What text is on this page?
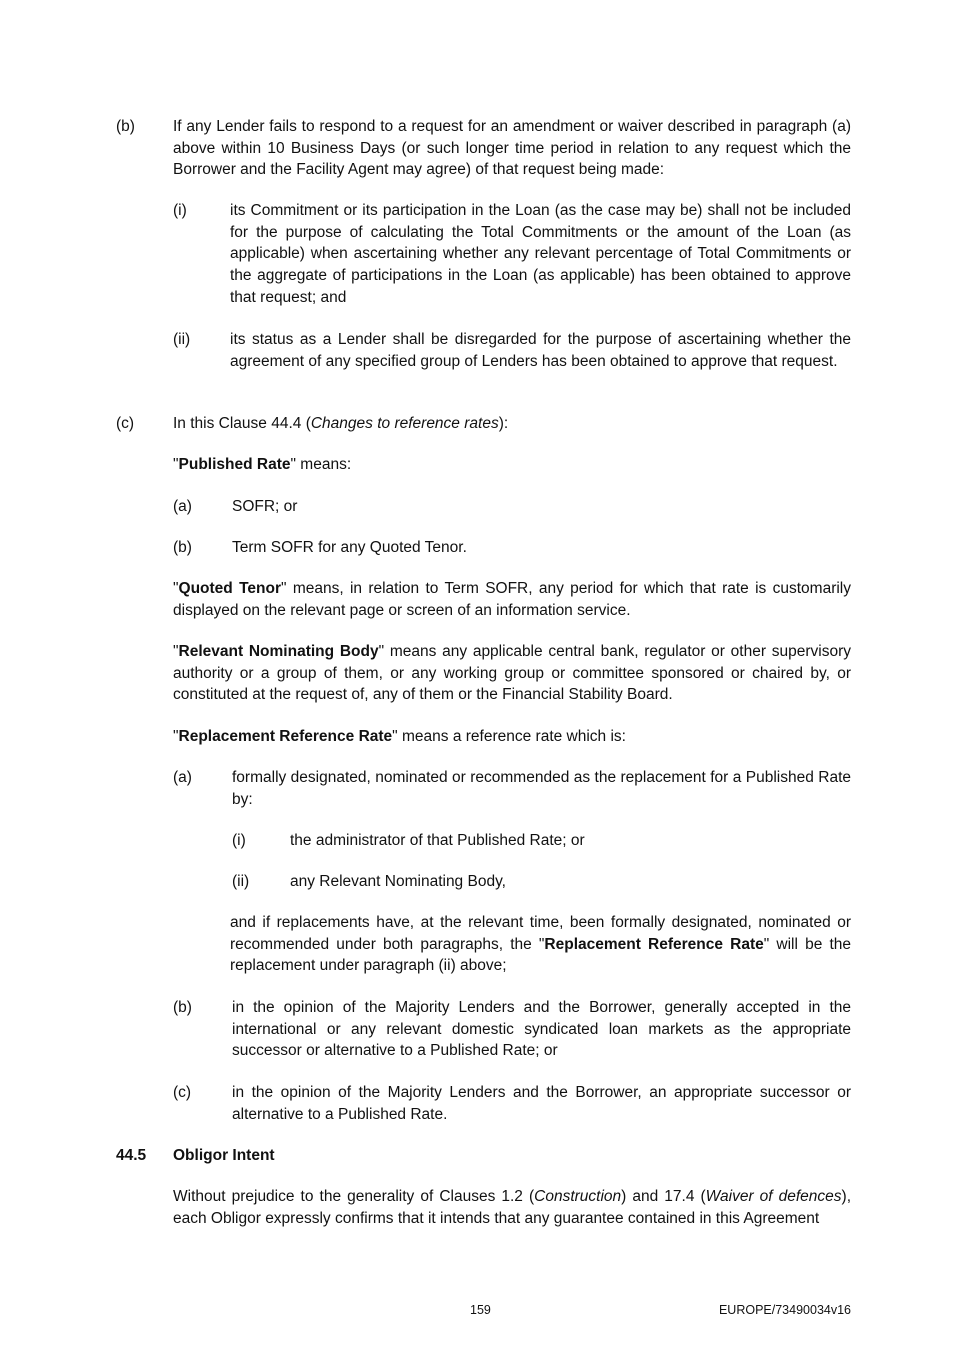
(b) If any Lender fails to respond to a request for an amendment or waiver described in paragraph (a) above within 10 Business Days (or such longer time period in relation to any request which the Borrower and the Facility Agent may agree) of that request being made:
(i)	its Commitment or its participation in the Loan (as the case may be) shall not be included for the purpose of calculating the Total Commitments or the amount of the Loan (as applicable) when ascertaining whether any relevant percentage of Total Commitments or the aggregate of participations in the Loan (as applicable) has been obtained to approve that request; and
(ii)	its status as a Lender shall be disregarded for the purpose of ascertaining whether the agreement of any specified group of Lenders has been obtained to approve that request.
(c)	In this Clause 44.4 (Changes to reference rates):
"Published Rate" means:
(a)	SOFR; or
(b)	Term SOFR for any Quoted Tenor.
"Quoted Tenor" means, in relation to Term SOFR, any period for which that rate is customarily displayed on the relevant page or screen of an information service.
"Relevant Nominating Body" means any applicable central bank, regulator or other supervisory authority or a group of them, or any working group or committee sponsored or chaired by, or constituted at the request of, any of them or the Financial Stability Board.
"Replacement Reference Rate" means a reference rate which is:
(a)	formally designated, nominated or recommended as the replacement for a Published Rate by:
(i)	the administrator of that Published Rate; or
(ii)	any Relevant Nominating Body,
and if replacements have, at the relevant time, been formally designated, nominated or recommended under both paragraphs, the "Replacement Reference Rate" will be the replacement under paragraph (ii) above;
(b)	in the opinion of the Majority Lenders and the Borrower, generally accepted in the international or any relevant domestic syndicated loan markets as the appropriate successor or alternative to a Published Rate; or
(c)	in the opinion of the Majority Lenders and the Borrower, an appropriate successor or alternative to a Published Rate.
44.5 Obligor Intent
Without prejudice to the generality of Clauses 1.2 (Construction) and 17.4 (Waiver of defences), each Obligor expressly confirms that it intends that any guarantee contained in this Agreement
159	EUROPE/73490034v16
